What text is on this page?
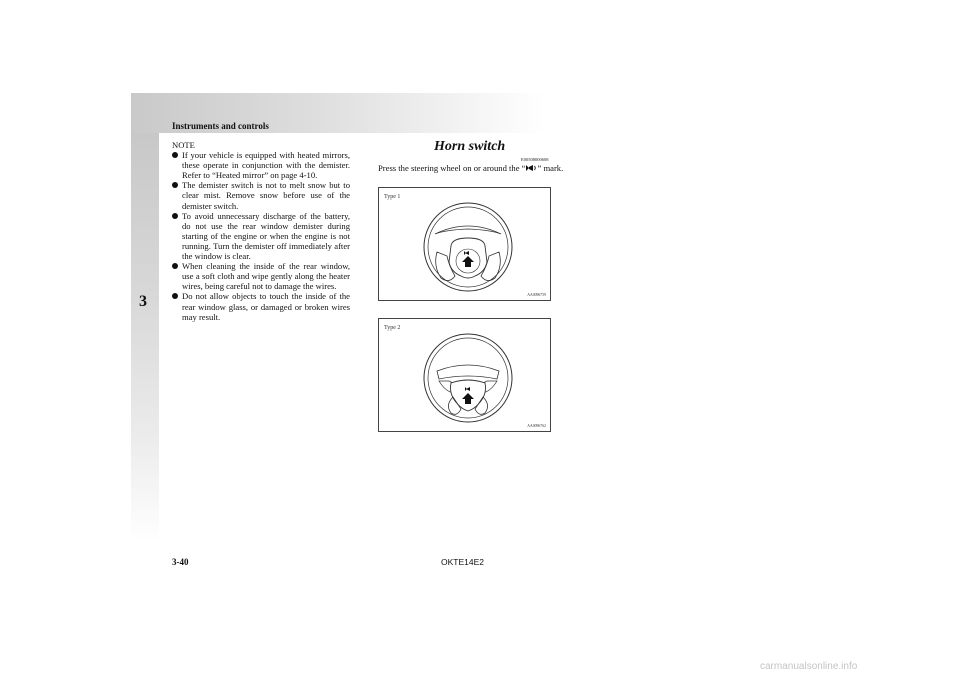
Instruments and controls
3
NOTE
If your vehicle is equipped with heated mirrors, these operate in conjunction with the demister. Refer to “Heated mirror” on page 4-10.
The demister switch is not to melt snow but to clear mist. Remove snow before use of the demister switch.
To avoid unnecessary discharge of the battery, do not use the rear window demister during starting of the engine or when the engine is not running. Turn the demister off immediately after the window is clear.
When cleaning the inside of the rear window, use a soft cloth and wipe gently along the heater wires, being careful not to damage the wires.
Do not allow objects to touch the inside of the rear window glass, or damaged or broken wires may result.
Horn switch
E00508000608
Press the steering wheel on or around the “ ” mark.
Type 1
AA0096759
Type 2
AA0096762
3-40	OKTE14E2
carmanualsonline.info
